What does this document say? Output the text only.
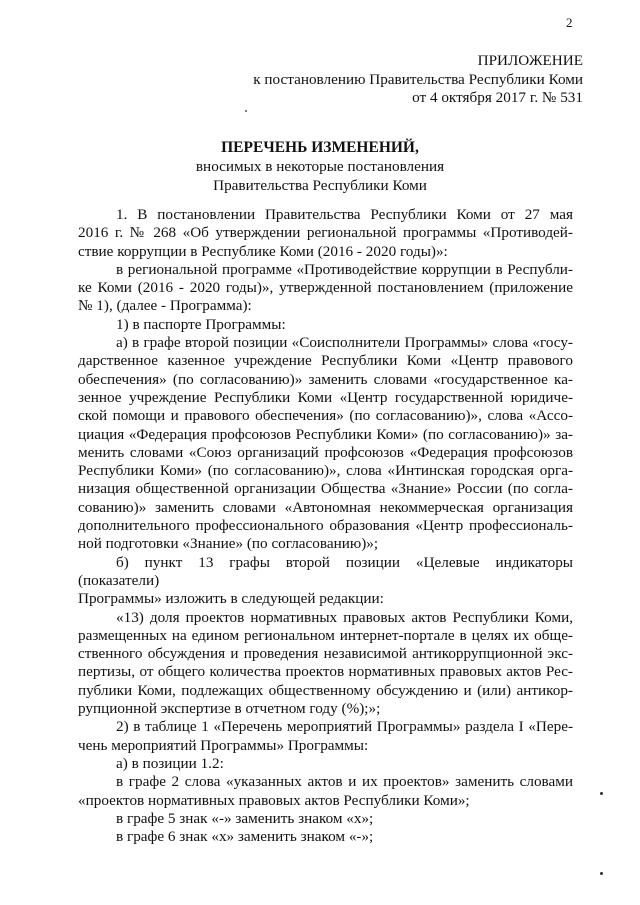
2
ПРИЛОЖЕНИЕ
к постановлению Правительства Республики Коми
от 4 октября 2017 г. № 531
ПЕРЕЧЕНЬ ИЗМЕНЕНИЙ,
вносимых в некоторые постановления
Правительства Республики Коми

1. В постановлении Правительства Республики Коми от 27 мая

2016 г. № 268 «Об утверждении региональной программы «Противодей-

ствие коррупции в Республике Коми (2016 - 2020 годы)»:

в региональной программе «Противодействие коррупции в Республи-

ке Коми (2016 - 2020 годы)», утвержденной постановлением (приложение

№ 1), (далее - Программа):

1) в паспорте Программы:

а) в графе второй позиции «Соисполнители Программы» слова «госу-

дарственное казенное учреждение Республики Коми «Центр правового

обеспечения» (по согласованию)» заменить словами «государственное ка-

зенное учреждение Республики Коми «Центр государственной юридиче-

ской помощи и правового обеспечения» (по согласованию)», слова «Ассо-

циация «Федерация профсоюзов Республики Коми» (по согласованию)» за-

менить словами «Союз организаций профсоюзов «Федерация профсоюзов

Республики Коми» (по согласованию)», слова «Интинская городская орга-

низация общественной организации Общества «Знание» России (по согла-

сованию)» заменить словами «Автономная некоммерческая организация

дополнительного профессионального образования «Центр профессиональ-

ной подготовки «Знание» (по согласованию)»;

б) пункт 13 графы второй позиции «Целевые индикаторы (показатели)

Программы» изложить в следующей редакции:

«13) доля проектов нормативных правовых актов Республики Коми,

размещенных на едином региональном интернет-портале в целях их обще-

ственного обсуждения и проведения независимой антикоррупционной экс-

пертизы, от общего количества проектов нормативных правовых актов Рес-

публики Коми, подлежащих общественному обсуждению и (или) антикор-

рупционной экспертизе в отчетном году (%);»;

2) в таблице 1 «Перечень мероприятий Программы» раздела I «Пере-

чень мероприятий Программы» Программы:

а) в позиции 1.2:

в графе 2 слова «указанных актов и их проектов» заменить словами

«проектов нормативных правовых актов Республики Коми»;

в графе 5 знак «-» заменить знаком «х»;

в графе 6 знак «х» заменить знаком «-»;
